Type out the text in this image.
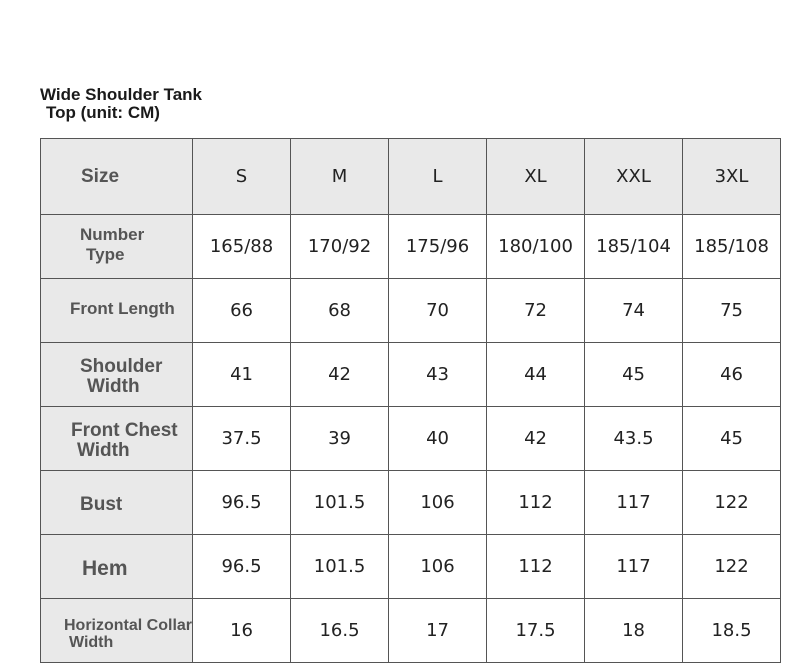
Wide Shoulder Tank
Top (unit: CM)
Size	S	M	L	XL	XXL	3XL

Number
Type	165/88	170/92	175/96	180/100	185/104	185/108

Front Length	66	68	70	72	74	75

Shoulder
Width	41	42	43	44	45	46

Front Chest
Width	37.5	39	40	42	43.5	45

Bust	96.5	101.5	106	112	117	122

Hem	96.5	101.5	106	112	117	122

Horizontal Collar
Width	16	16.5	17	17.5	18	18.5
